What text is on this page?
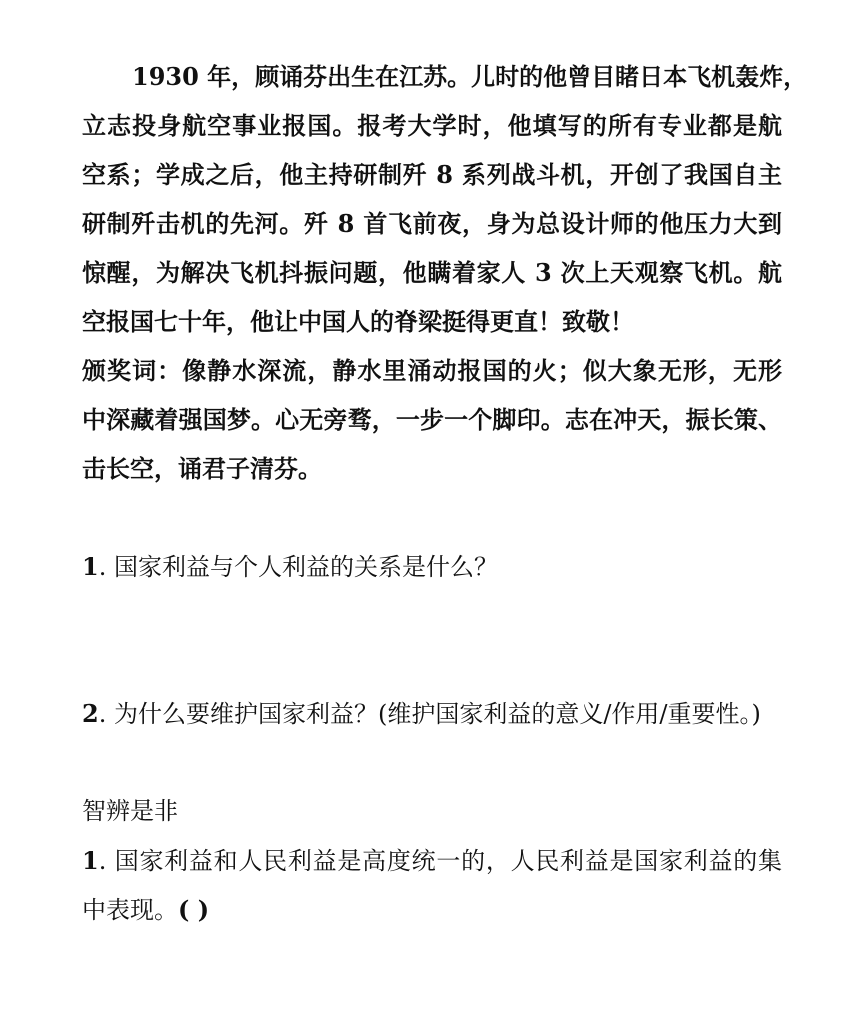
1930 年，顾诵芬出生在江苏。儿时的他曾目睹日本飞机轰炸，
立志投身航空事业报国。报考大学时，他填写的所有专业都是航
空系；学成之后，他主持研制歼 8 系列战斗机，开创了我国自主
研制歼击机的先河。歼 8 首飞前夜，身为总设计师的他压力大到
惊醒，为解决飞机抖振问题，他瞒着家人 3 次上天观察飞机。航
空报国七十年，他让中国人的脊梁挺得更直！致敬！
颁奖词：像静水深流，静水里涌动报国的火；似大象无形，无形
中深藏着强国梦。心无旁骛，一步一个脚印。志在冲天，振长策、
击长空，诵君子清芬。
1. 国家利益与个人利益的关系是什么？
2. 为什么要维护国家利益？(维护国家利益的意义/作用/重要性。)
智辨是非
1. 国家利益和人民利益是高度统一的，人民利益是国家利益的集
中表现。( )
